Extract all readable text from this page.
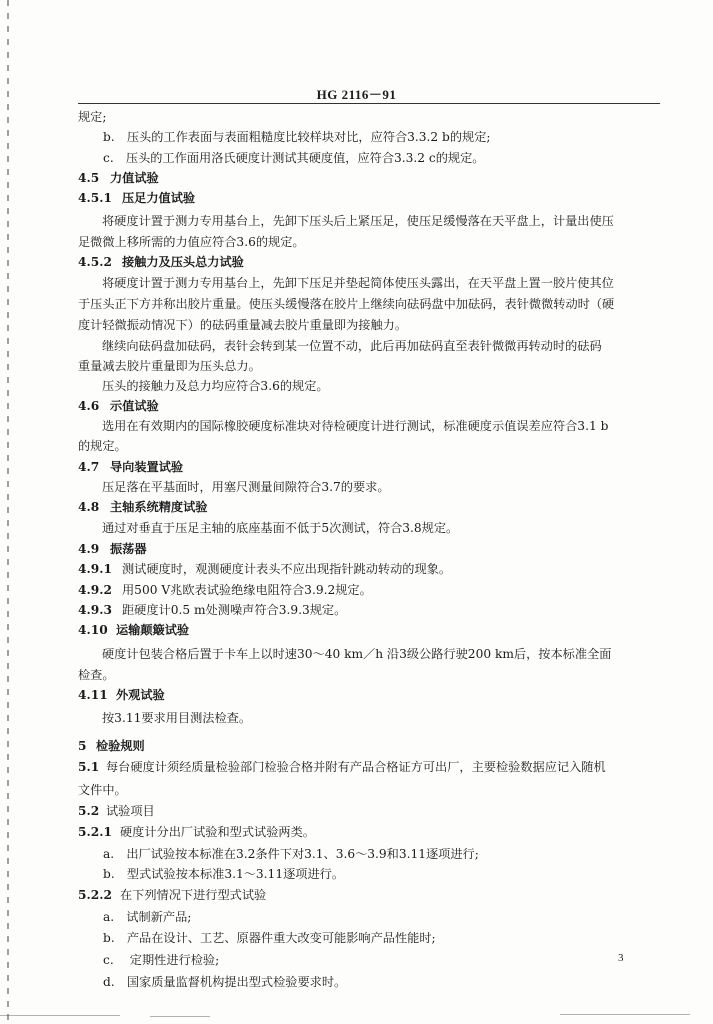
HG 2116－91
规定;
b.　压头的工作表面与表面粗糙度比较样块对比，应符合3.3.2 b的规定;
c.　压头的工作面用洛氏硬度计测试其硬度值，应符合3.3.2 c的规定。
4.5 力值试验
4.5.1 压足力值试验
将硬度计置于测力专用基台上，先卸下压头后上紧压足，使压足缓慢落在天平盘上，计量出使压
足微微上移所需的力值应符合3.6的规定。
4.5.2 接触力及压头总力试验
将硬度计置于测力专用基台上，先卸下压足并垫起简体使压头露出，在天平盘上置一胶片使其位
于压头正下方并称出胶片重量。使压头缓慢落在胶片上继续向砝码盘中加砝码，表针微微转动时（硬
度计轻微振动情况下）的砝码重量减去胶片重量即为接触力。
继续向砝码盘加砝码，表针会转到某一位置不动，此后再加砝码直至表针微微再转动时的砝码
重量减去胶片重量即为压头总力。
压头的接触力及总力均应符合3.6的规定。
4.6 示值试验
选用在有效期内的国际橡胶硬度标准块对待检硬度计进行测试，标准硬度示值误差应符合3.1 b
的规定。
4.7 导向装置试验
压足落在平基面时，用塞尺测量间隙符合3.7的要求。
4.8 主轴系统精度试验
通过对垂直于压足主轴的底座基面不低于5次测试，符合3.8规定。
4.9 振荡器
4.9.1 测试硬度时，观测硬度计表头不应出现指针跳动转动的现象。
4.9.2 用500 V兆欧表试验绝缘电阻符合3.9.2规定。
4.9.3 距硬度计0.5 m处测噪声符合3.9.3规定。
4.10 运输颠簸试验
硬度计包装合格后置于卡车上以时速30～40 km／h 沿3级公路行驶200 km后，按本标准全面
检查。
4.11 外观试验
按3.11要求用目测法检查。
5 检验规则
5.1 每台硬度计须经质量检验部门检验合格并附有产品合格证方可出厂，主要检验数据应记入随机
文件中。
5.2 试验项目
5.2.1 硬度计分出厂试验和型式试验两类。
a.　出厂试验按本标准在3.2条件下对3.1、3.6～3.9和3.11逐项进行;
b.　型式试验按本标准3.1～3.11逐项进行。
5.2.2 在下列情况下进行型式试验
a.　试制新产品;
b.　产品在设计、工艺、原器件重大改变可能影响产品性能时;
c.　 定期性进行检验;
d.　国家质量监督机构提出型式检验要求时。
3
